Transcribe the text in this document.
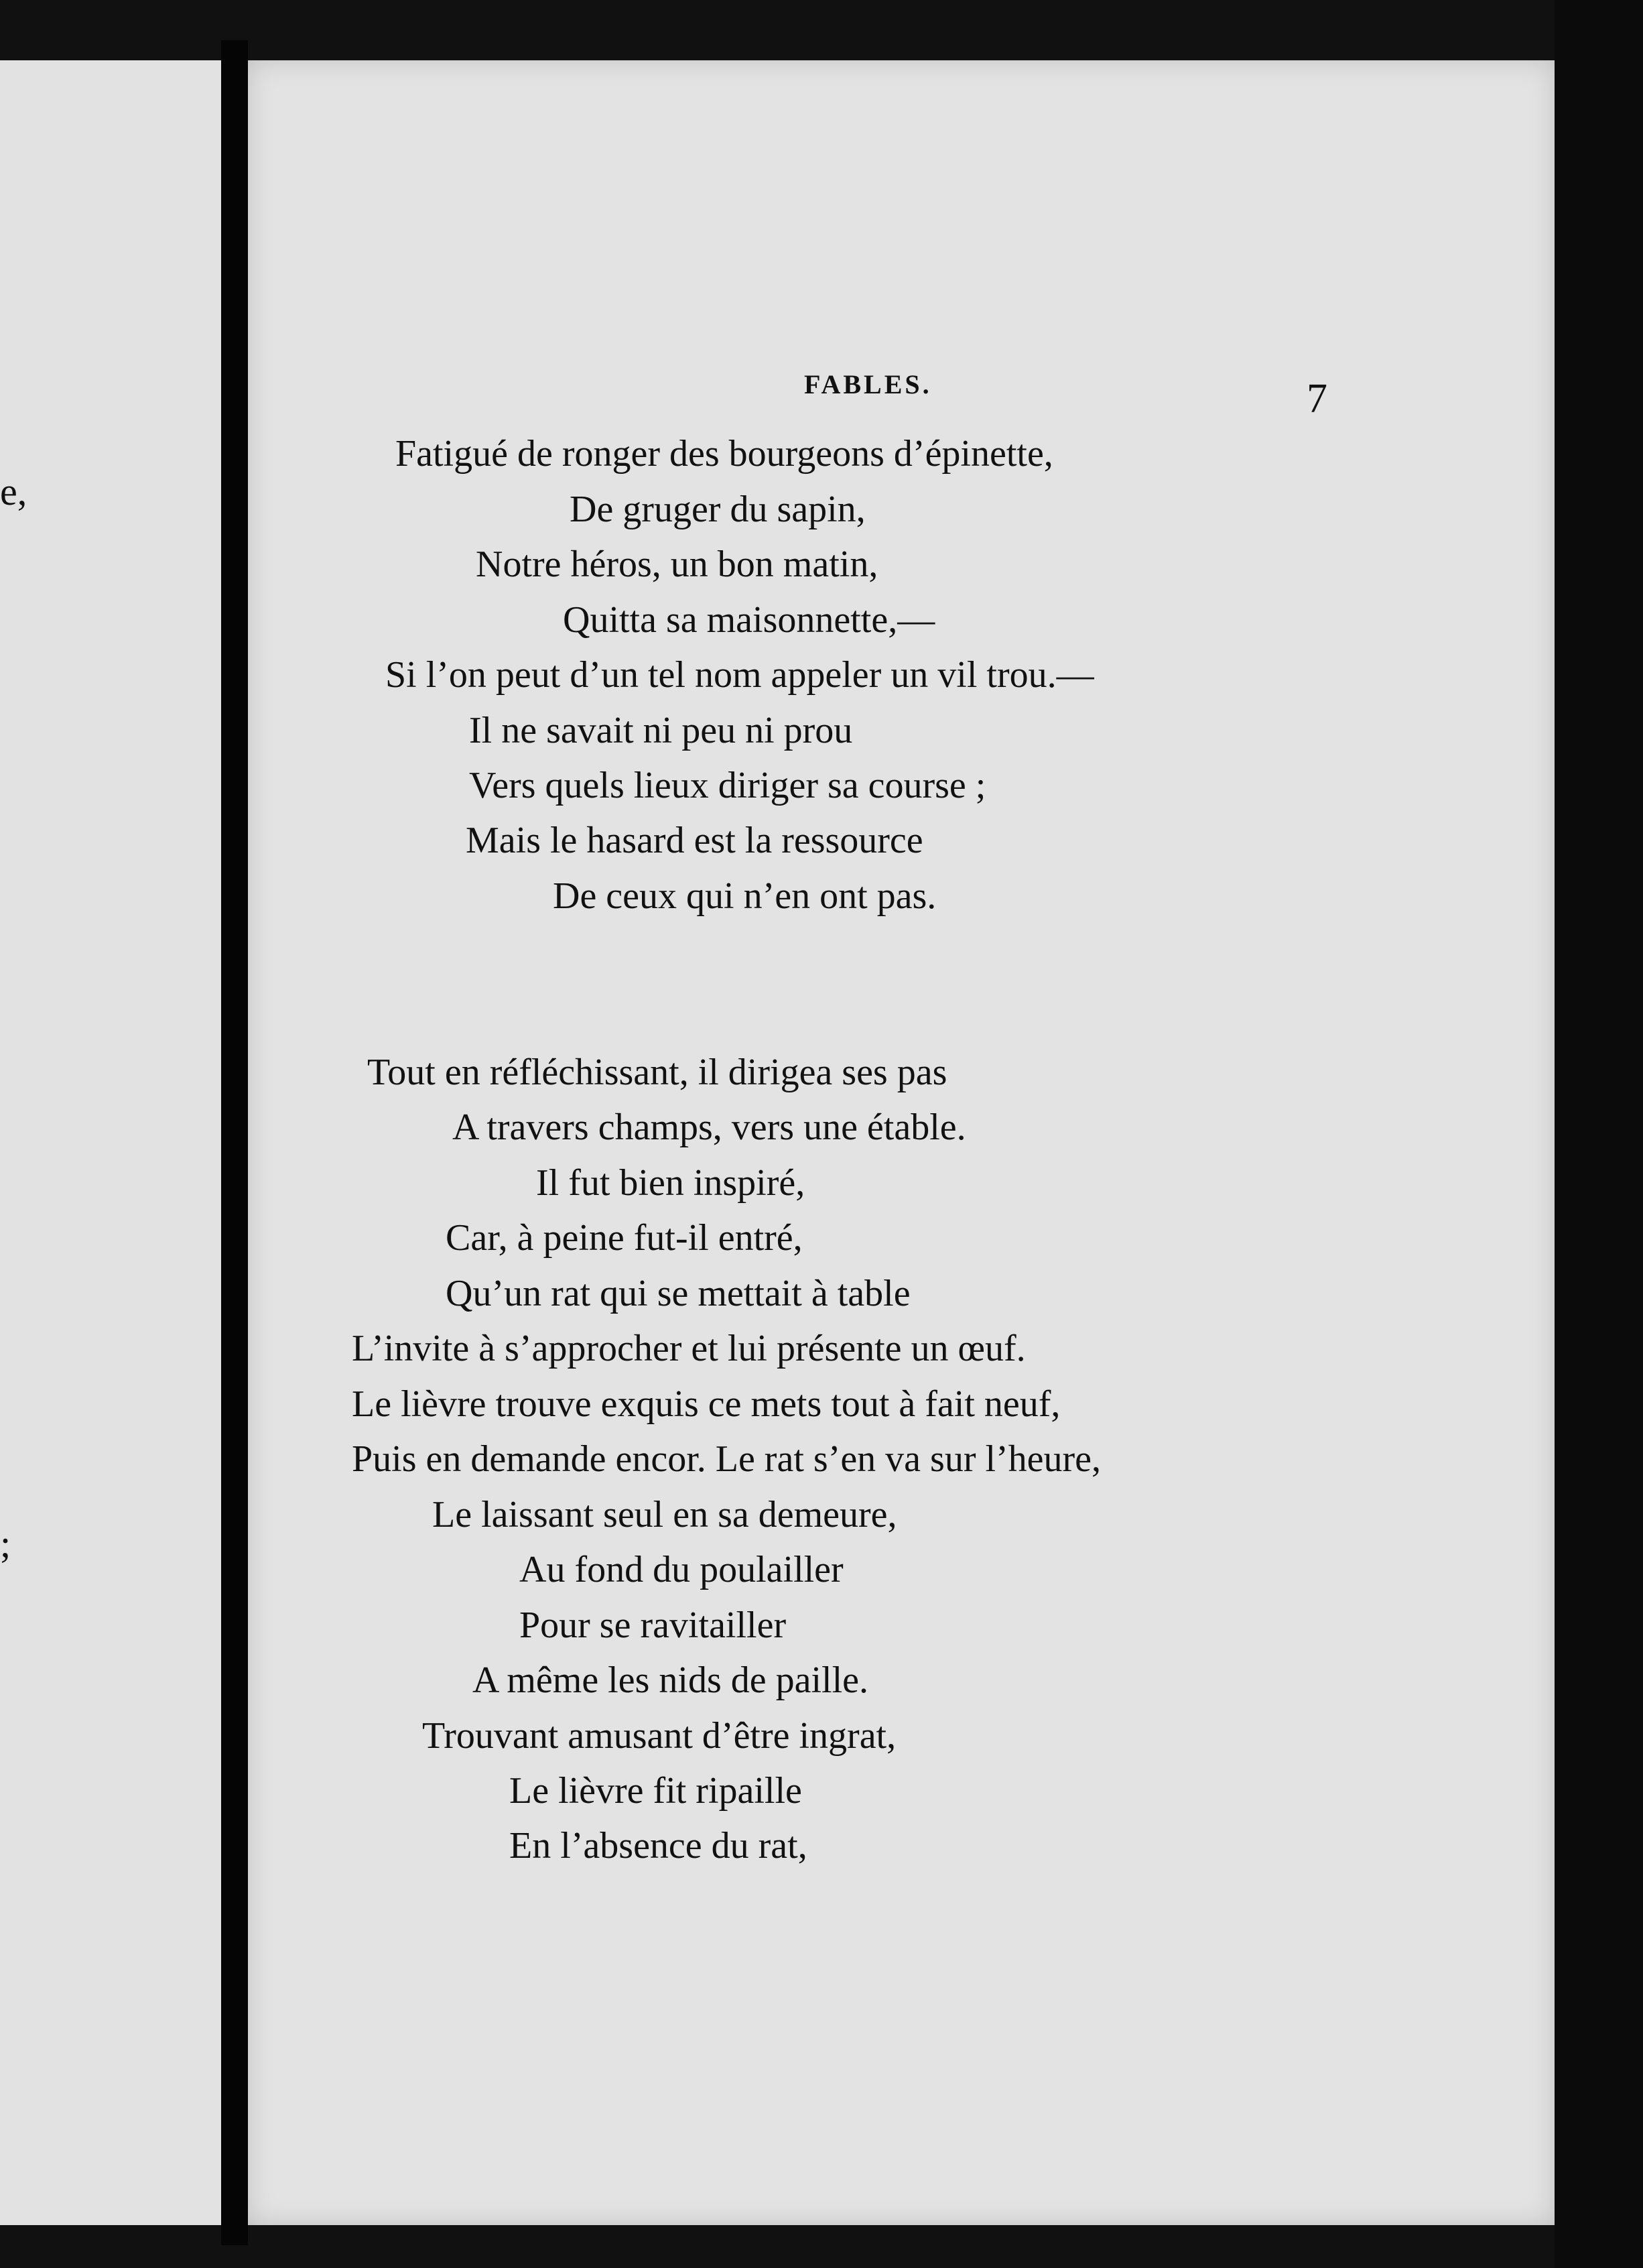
e,
;
FABLES.	7
Fatigué de ronger des bourgeons d’épinette,
De gruger du sapin,
Notre héros, un bon matin,
Quitta sa maisonnette,—
Si l’on peut d’un tel nom appeler un vil trou.—
Il ne savait ni peu ni prou
Vers quels lieux diriger sa course ;
Mais le hasard est la ressource
De ceux qui n’en ont pas.
Tout en réfléchissant, il dirigea ses pas
A travers champs, vers une étable.
Il fut bien inspiré,
Car, à peine fut-il entré,
Qu’un rat qui se mettait à table
L’invite à s’approcher et lui présente un œuf.
Le lièvre trouve exquis ce mets tout à fait neuf,
Puis en demande encor. Le rat s’en va sur l’heure,
Le laissant seul en sa demeure,
Au fond du poulailler
Pour se ravitailler
A même les nids de paille.
Trouvant amusant d’être ingrat,
Le lièvre fit ripaille
En l’absence du rat,
